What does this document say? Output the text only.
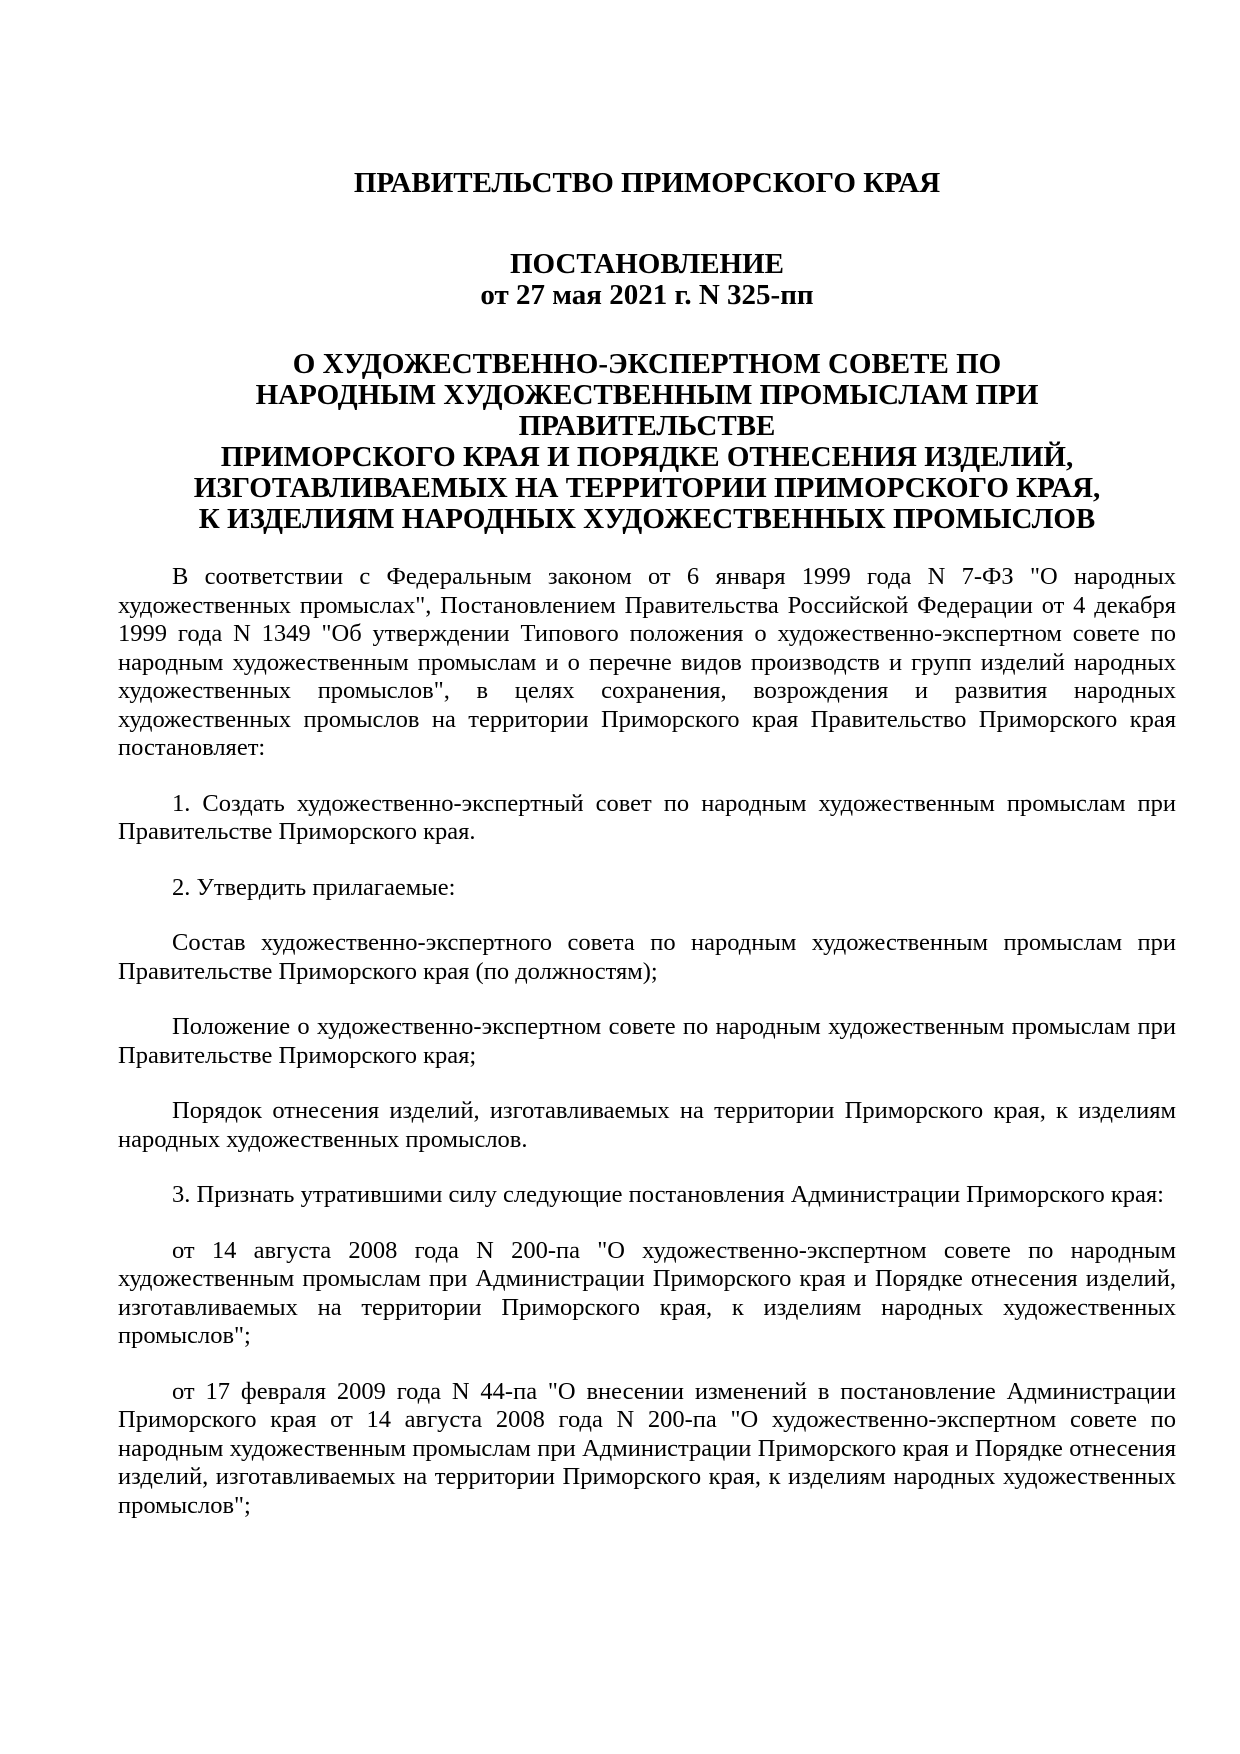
ПРАВИТЕЛЬСТВО ПРИМОРСКОГО КРАЯ
ПОСТАНОВЛЕНИЕ
от 27 мая 2021 г. N 325-пп
О ХУДОЖЕСТВЕННО-ЭКСПЕРТНОМ СОВЕТЕ ПО
НАРОДНЫМ ХУДОЖЕСТВЕННЫМ ПРОМЫСЛАМ ПРИ
ПРАВИТЕЛЬСТВЕ
ПРИМОРСКОГО КРАЯ И ПОРЯДКЕ ОТНЕСЕНИЯ ИЗДЕЛИЙ,
ИЗГОТАВЛИВАЕМЫХ НА ТЕРРИТОРИИ ПРИМОРСКОГО КРАЯ,
К ИЗДЕЛИЯМ НАРОДНЫХ ХУДОЖЕСТВЕННЫХ ПРОМЫСЛОВ

В соответствии с Федеральным законом от 6 января 1999 года N 7-ФЗ "О народных художественных промыслах", Постановлением Правительства Российской Федерации от 4 декабря 1999 года N 1349 "Об утверждении Типового положения о художественно-экспертном совете по народным художественным промыслам и о перечне видов производств и групп изделий народных художественных промыслов", в целях сохранения, возрождения и развития народных художественных промыслов на территории Приморского края Правительство Приморского края постановляет:

1. Создать художественно-экспертный совет по народным художественным промыслам при Правительстве Приморского края.

2. Утвердить прилагаемые:

Состав художественно-экспертного совета по народным художественным промыслам при Правительстве Приморского края (по должностям);

Положение о художественно-экспертном совете по народным художественным промыслам при Правительстве Приморского края;

Порядок отнесения изделий, изготавливаемых на территории Приморского края, к изделиям народных художественных промыслов.

3. Признать утратившими силу следующие постановления Администрации Приморского края:

от 14 августа 2008 года N 200-па "О художественно-экспертном совете по народным художественным промыслам при Администрации Приморского края и Порядке отнесения изделий, изготавливаемых на территории Приморского края, к изделиям народных художественных промыслов";

от 17 февраля 2009 года N 44-па "О внесении изменений в постановление Администрации Приморского края от 14 августа 2008 года N 200-па "О художественно-экспертном совете по народным художественным промыслам при Администрации Приморского края и Порядке отнесения изделий, изготавливаемых на территории Приморского края, к изделиям народных художественных промыслов";
